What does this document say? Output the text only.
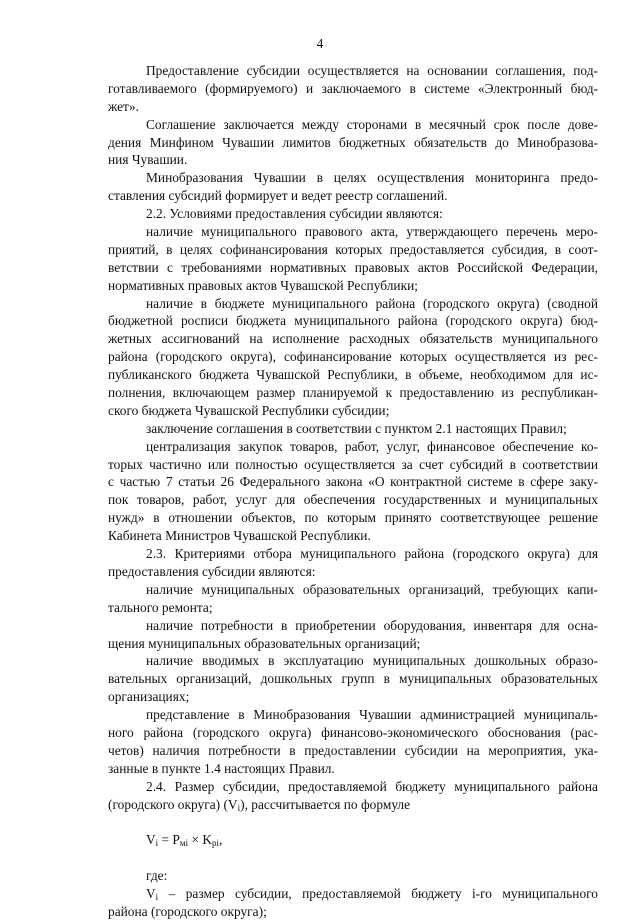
4
Предоставление субсидии осуществляется на основании соглашения, под-
готавливаемого (формируемого) и заключаемого в системе «Электронный бюд-
жет».
Соглашение заключается между сторонами в месячный срок после дове-
дения Минфином Чувашии лимитов бюджетных обязательств до Минобразова-
ния Чувашии.
Минобразования Чувашии в целях осуществления мониторинга предо-
ставления субсидий формирует и ведет реестр соглашений.
2.2. Условиями предоставления субсидии являются:
наличие муниципального правового акта, утверждающего перечень меро-
приятий, в целях софинансирования которых предоставляется субсидия, в соот-
ветствии с требованиями нормативных правовых актов Российской Федерации,
нормативных правовых актов Чувашской Республики;
наличие в бюджете муниципального района (городского округа) (сводной
бюджетной росписи бюджета муниципального района (городского округа) бюд-
жетных ассигнований на исполнение расходных обязательств муниципального
района (городского округа), софинансирование которых осуществляется из рес-
публиканского бюджета Чувашской Республики, в объеме, необходимом для ис-
полнения, включающем размер планируемой к предоставлению из республикан-
ского бюджета Чувашской Республики субсидии;
заключение соглашения в соответствии с пунктом 2.1 настоящих Правил;
централизация закупок товаров, работ, услуг, финансовое обеспечение ко-
торых частично или полностью осуществляется за счет субсидий в соответствии
с частью 7 статьи 26 Федерального закона «О контрактной системе в сфере заку-
пок товаров, работ, услуг для обеспечения государственных и муниципальных
нужд» в отношении объектов, по которым принято соответствующее решение
Кабинета Министров Чувашской Республики.
2.3. Критериями отбора муниципального района (городского округа) для
предоставления субсидии являются:
наличие муниципальных образовательных организаций, требующих капи-
тального ремонта;
наличие потребности в приобретении оборудования, инвентаря для осна-
щения муниципальных образовательных организаций;
наличие вводимых в эксплуатацию муниципальных дошкольных образо-
вательных организаций, дошкольных групп в муниципальных образовательных
организациях;
представление в Минобразования Чувашии администрацией муниципаль-
ного района (городского округа) финансово-экономического обоснования (рас-
четов) наличия потребности в предоставлении субсидии на мероприятия, ука-
занные в пункте 1.4 настоящих Правил.
2.4. Размер субсидии, предоставляемой бюджету муниципального района
(городского округа) $(V_i)$, рассчитывается по формуле
$V_i = P_{мi} \times K_{pi}$,
где:
$V_i$ – размер субсидии, предоставляемой бюджету i-го муниципального
района (городского округа);
